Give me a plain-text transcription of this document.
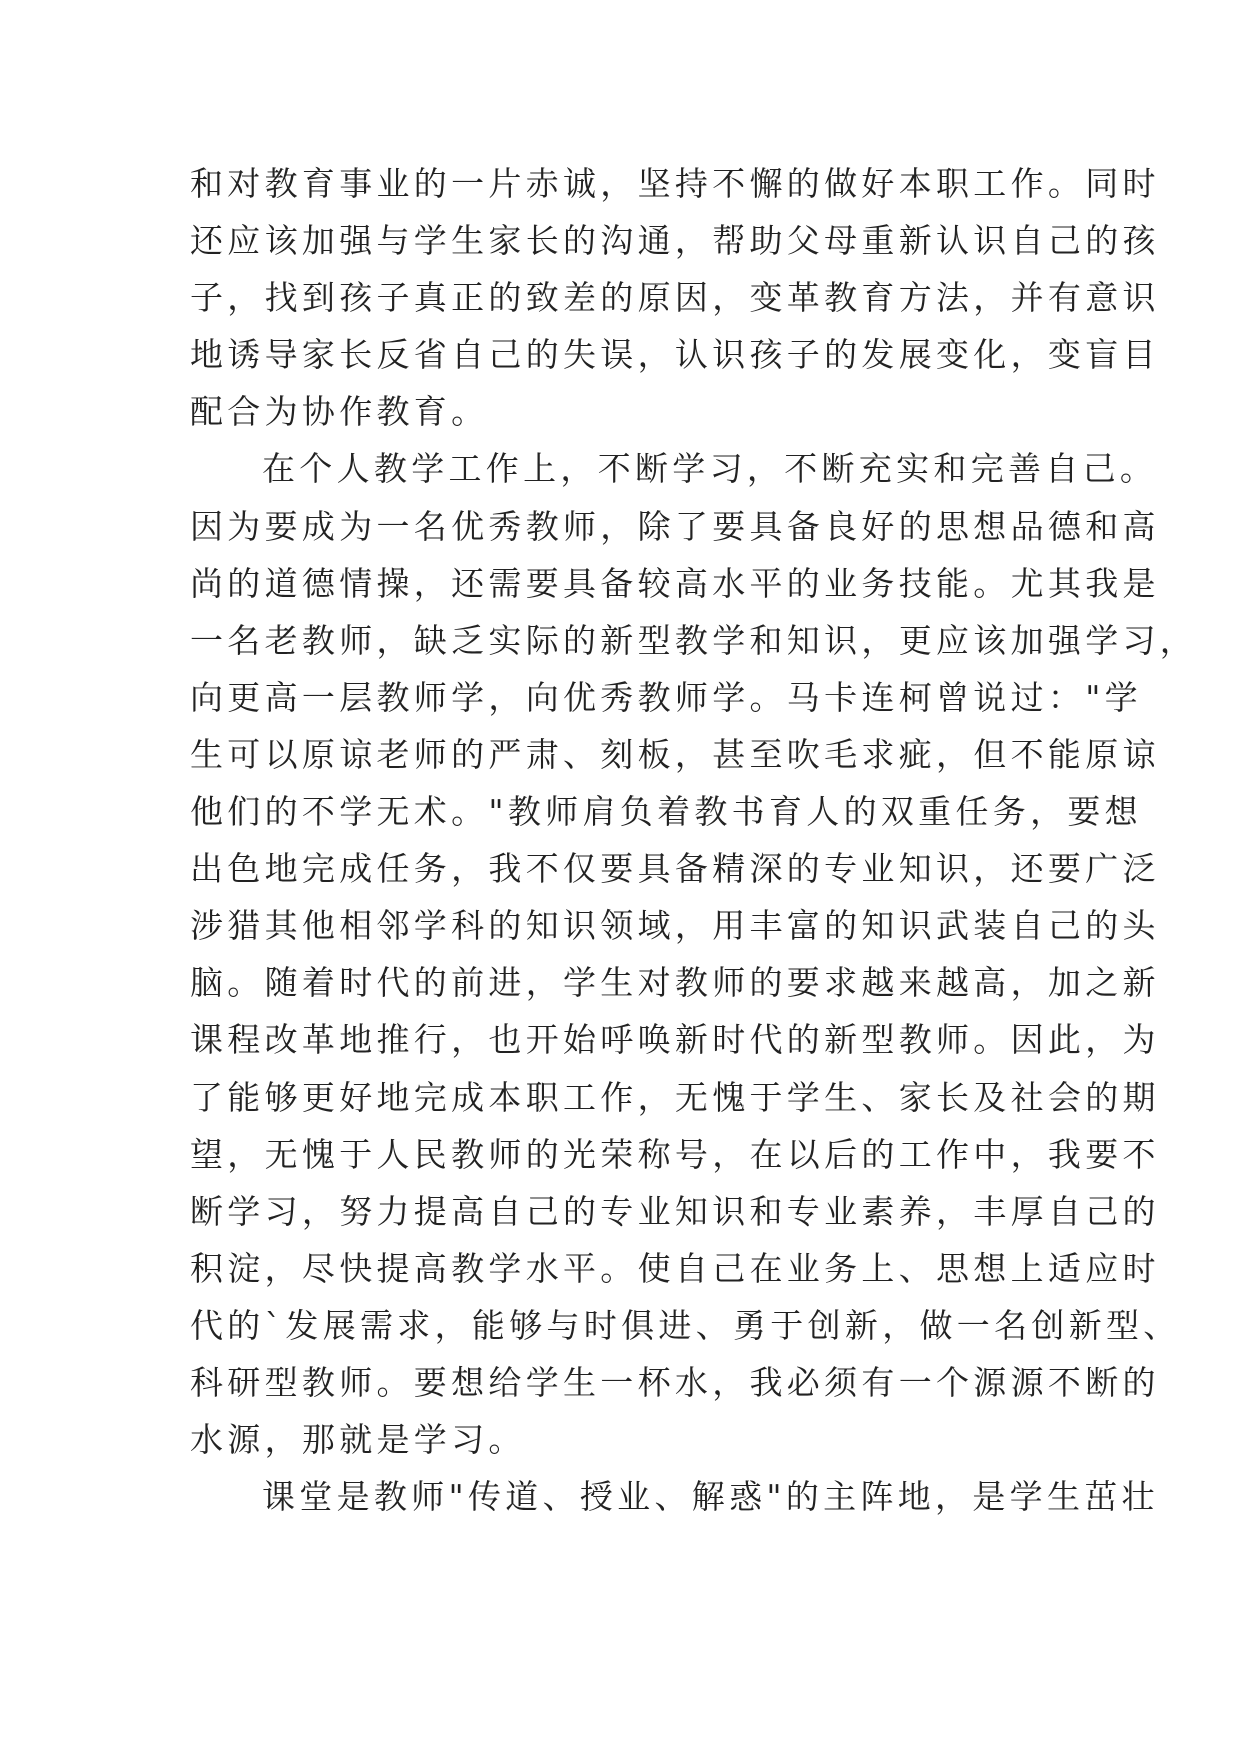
和对教育事业的一片赤诚，坚持不懈的做好本职工作。同时
还应该加强与学生家长的沟通，帮助父母重新认识自己的孩
子，找到孩子真正的致差的原因，变革教育方法，并有意识
地诱导家长反省自己的失误，认识孩子的发展变化，变盲目
配合为协作教育。
在个人教学工作上，不断学习，不断充实和完善自己。
因为要成为一名优秀教师，除了要具备良好的思想品德和高
尚的道德情操，还需要具备较高水平的业务技能。尤其我是
一名老教师，缺乏实际的新型教学和知识，更应该加强学习，
向更高一层教师学，向优秀教师学。马卡连柯曾说过："学
生可以原谅老师的严肃、刻板，甚至吹毛求疵，但不能原谅
他们的不学无术。"教师肩负着教书育人的双重任务，要想
出色地完成任务，我不仅要具备精深的专业知识，还要广泛
涉猎其他相邻学科的知识领域，用丰富的知识武装自己的头
脑。随着时代的前进，学生对教师的要求越来越高，加之新
课程改革地推行，也开始呼唤新时代的新型教师。因此，为
了能够更好地完成本职工作，无愧于学生、家长及社会的期
望，无愧于人民教师的光荣称号，在以后的工作中，我要不
断学习，努力提高自己的专业知识和专业素养，丰厚自己的
积淀，尽快提高教学水平。使自己在业务上、思想上适应时
代的`发展需求，能够与时俱进、勇于创新，做一名创新型、
科研型教师。要想给学生一杯水，我必须有一个源源不断的
水源，那就是学习。
课堂是教师"传道、授业、解惑"的主阵地，是学生茁壮
